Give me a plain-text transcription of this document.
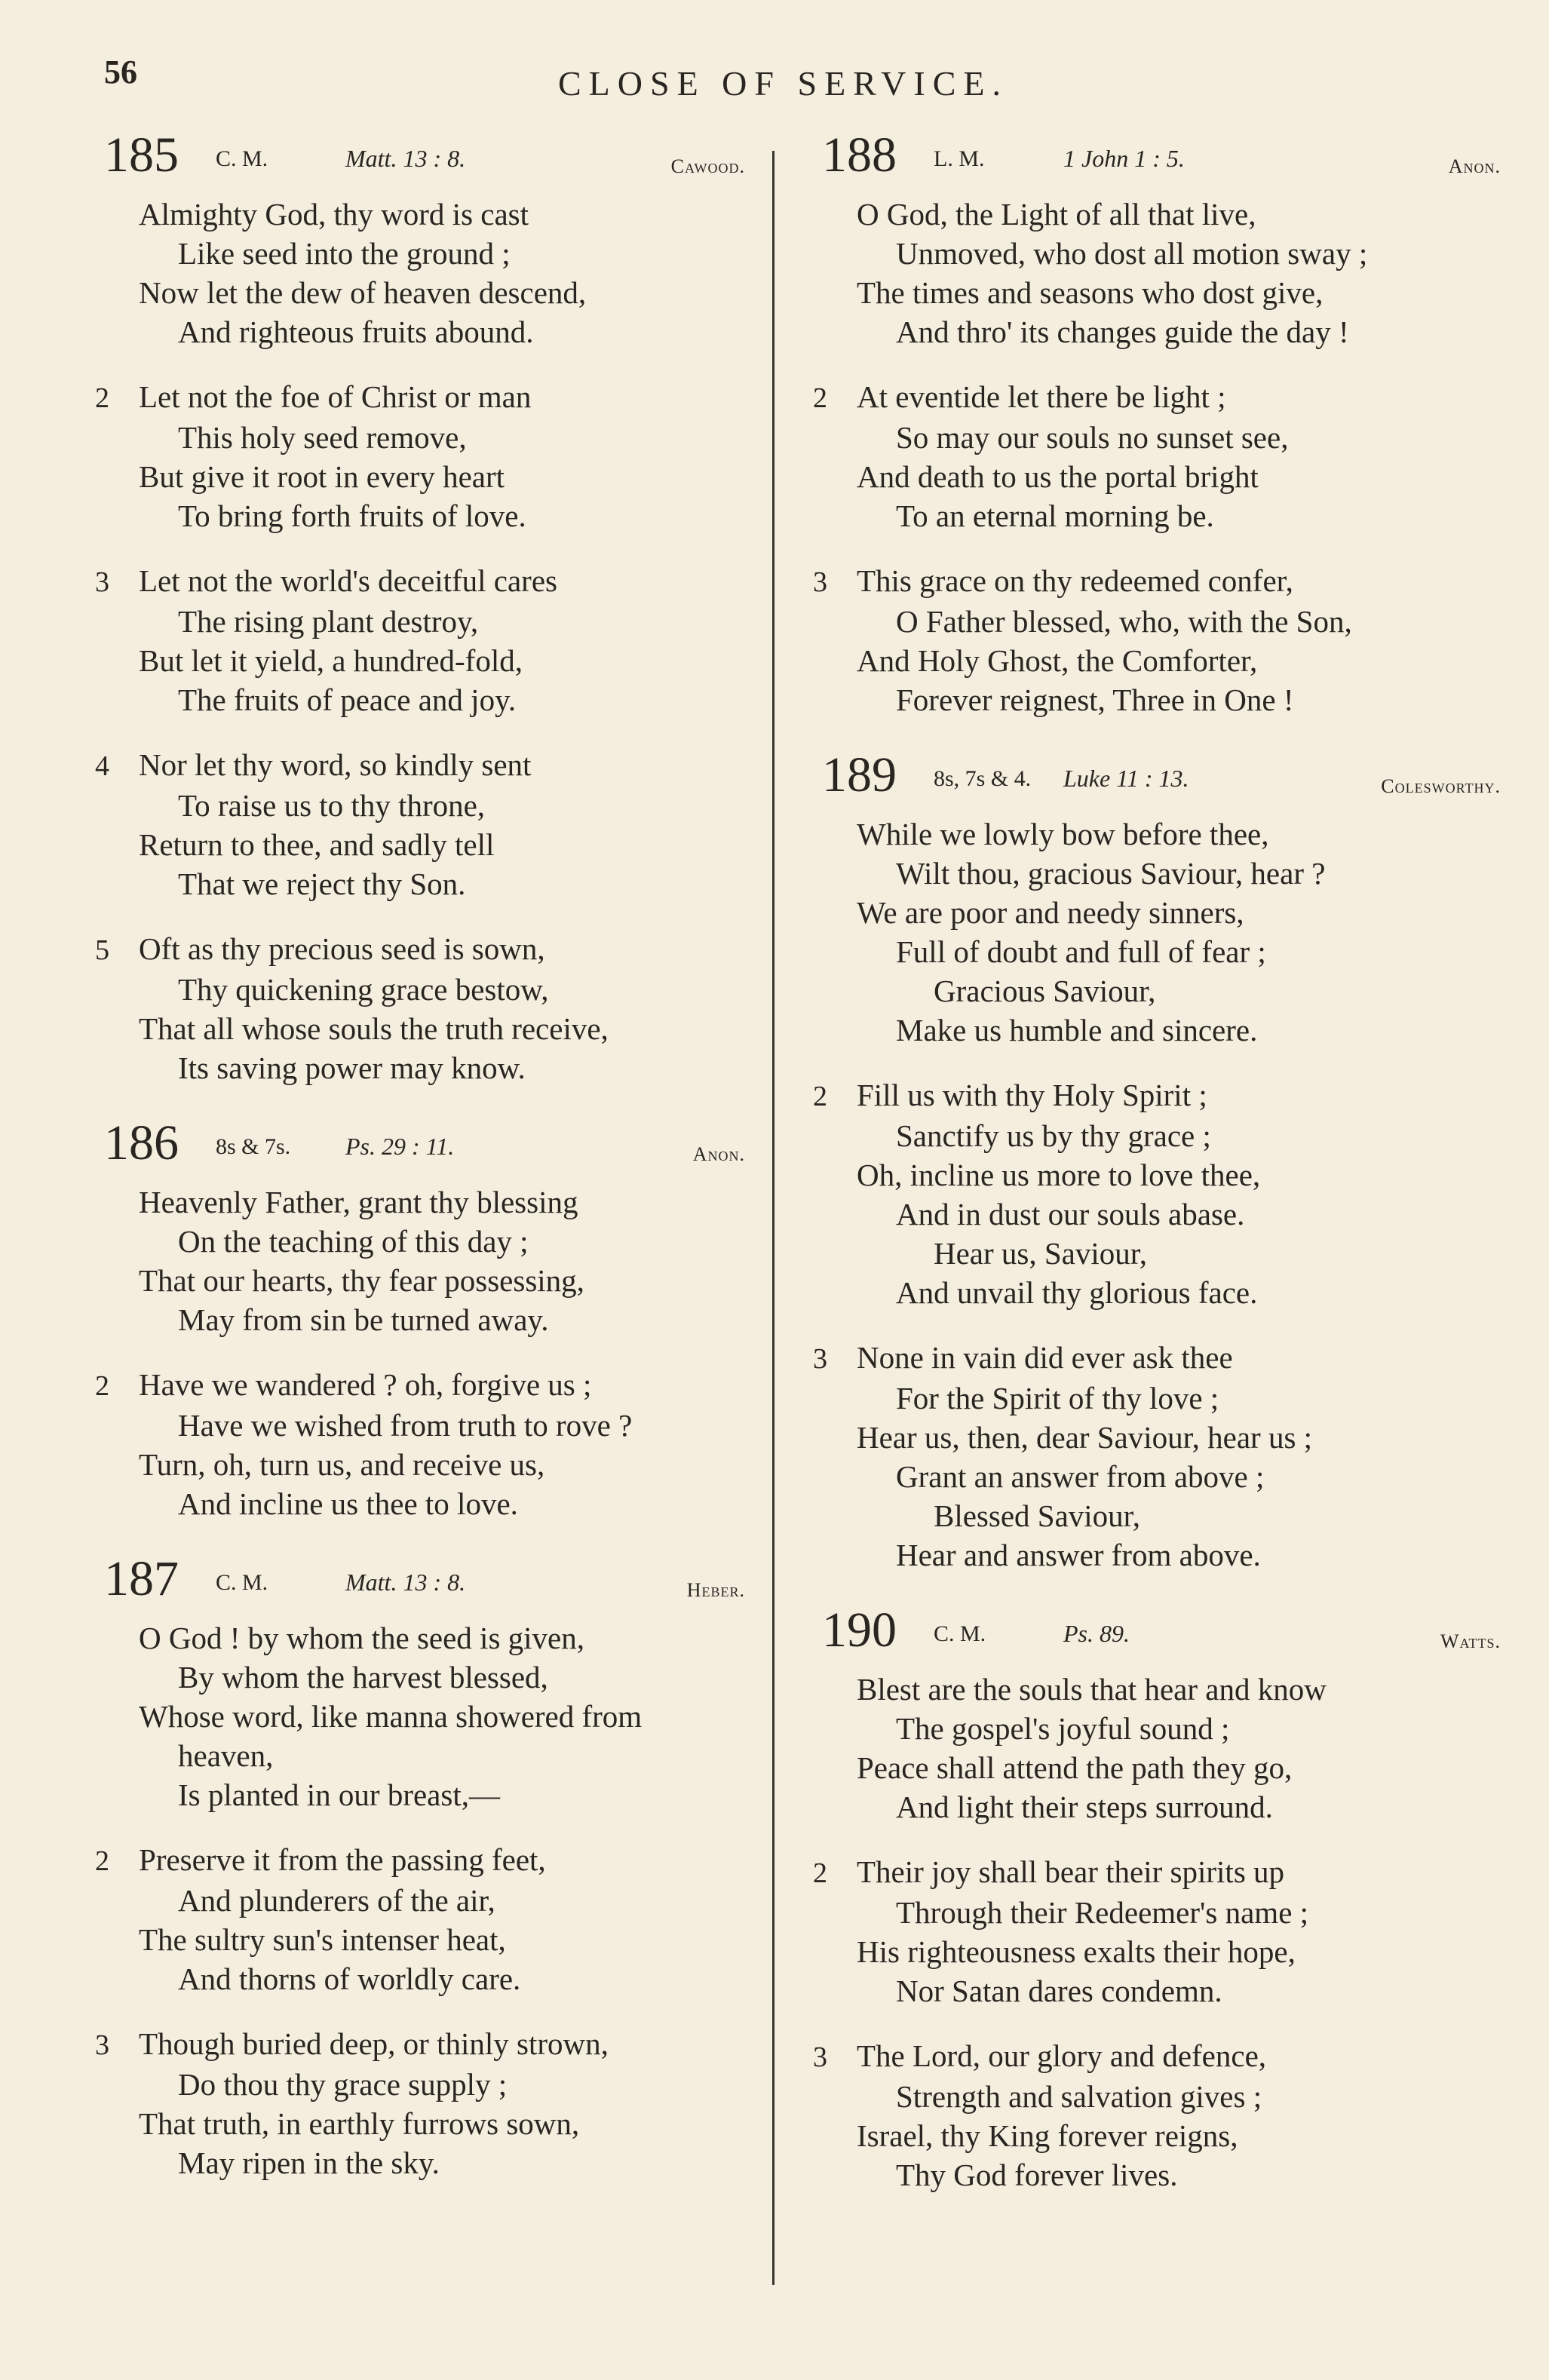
56	CLOSE OF SERVICE.
185 C. M.	Matt. 13 : 8.	Cawood.
Almighty God, thy word is cast
Like seed into the ground ;
Now let the dew of heaven descend,
And righteous fruits abound.
2 Let not the foe of Christ or man
This holy seed remove,
But give it root in every heart
To bring forth fruits of love.
3 Let not the world's deceitful cares
The rising plant destroy,
But let it yield, a hundred-fold,
The fruits of peace and joy.
4 Nor let thy word, so kindly sent
To raise us to thy throne,
Return to thee, and sadly tell
That we reject thy Son.
5 Oft as thy precious seed is sown,
Thy quickening grace bestow,
That all whose souls the truth receive,
Its saving power may know.
186 8s & 7s. Ps. 29 : 11.	Anon.
Heavenly Father, grant thy blessing
On the teaching of this day ;
That our hearts, thy fear possessing,
May from sin be turned away.
2 Have we wandered ? oh, forgive us ;
Have we wished from truth to rove ?
Turn, oh, turn us, and receive us,
And incline us thee to love.
187 C. M.	Matt. 13 : 8.	Heber.
O God ! by whom the seed is given,
By whom the harvest blessed,
Whose word, like manna showered from
heaven,
Is planted in our breast,—
2 Preserve it from the passing feet,
And plunderers of the air,
The sultry sun's intenser heat,
And thorns of worldly care.
3 Though buried deep, or thinly strown,
Do thou thy grace supply ;
That truth, in earthly furrows sown,
May ripen in the sky.
188 L. M.	1 John 1 : 5.	Anon.
O God, the Light of all that live,
Unmoved, who dost all motion sway ;
The times and seasons who dost give,
And thro' its changes guide the day !
2 At eventide let there be light ;
So may our souls no sunset see,
And death to us the portal bright
To an eternal morning be.
3 This grace on thy redeemed confer,
O Father blessed, who, with the Son,
And Holy Ghost, the Comforter,
Forever reignest, Three in One !
189 8s, 7s & 4. Luke 11 : 13.	Colesworthy.
While we lowly bow before thee,
Wilt thou, gracious Saviour, hear ?
We are poor and needy sinners,
Full of doubt and full of fear ;
Gracious Saviour,
Make us humble and sincere.
2 Fill us with thy Holy Spirit ;
Sanctify us by thy grace ;
Oh, incline us more to love thee,
And in dust our souls abase.
Hear us, Saviour,
And unvail thy glorious face.
3 None in vain did ever ask thee
For the Spirit of thy love ;
Hear us, then, dear Saviour, hear us ;
Grant an answer from above ;
Blessed Saviour,
Hear and answer from above.
190 C. M.	Ps. 89.	Watts.
Blest are the souls that hear and know
The gospel's joyful sound ;
Peace shall attend the path they go,
And light their steps surround.
2 Their joy shall bear their spirits up
Through their Redeemer's name ;
His righteousness exalts their hope,
Nor Satan dares condemn.
3 The Lord, our glory and defence,
Strength and salvation gives ;
Israel, thy King forever reigns,
Thy God forever lives.
